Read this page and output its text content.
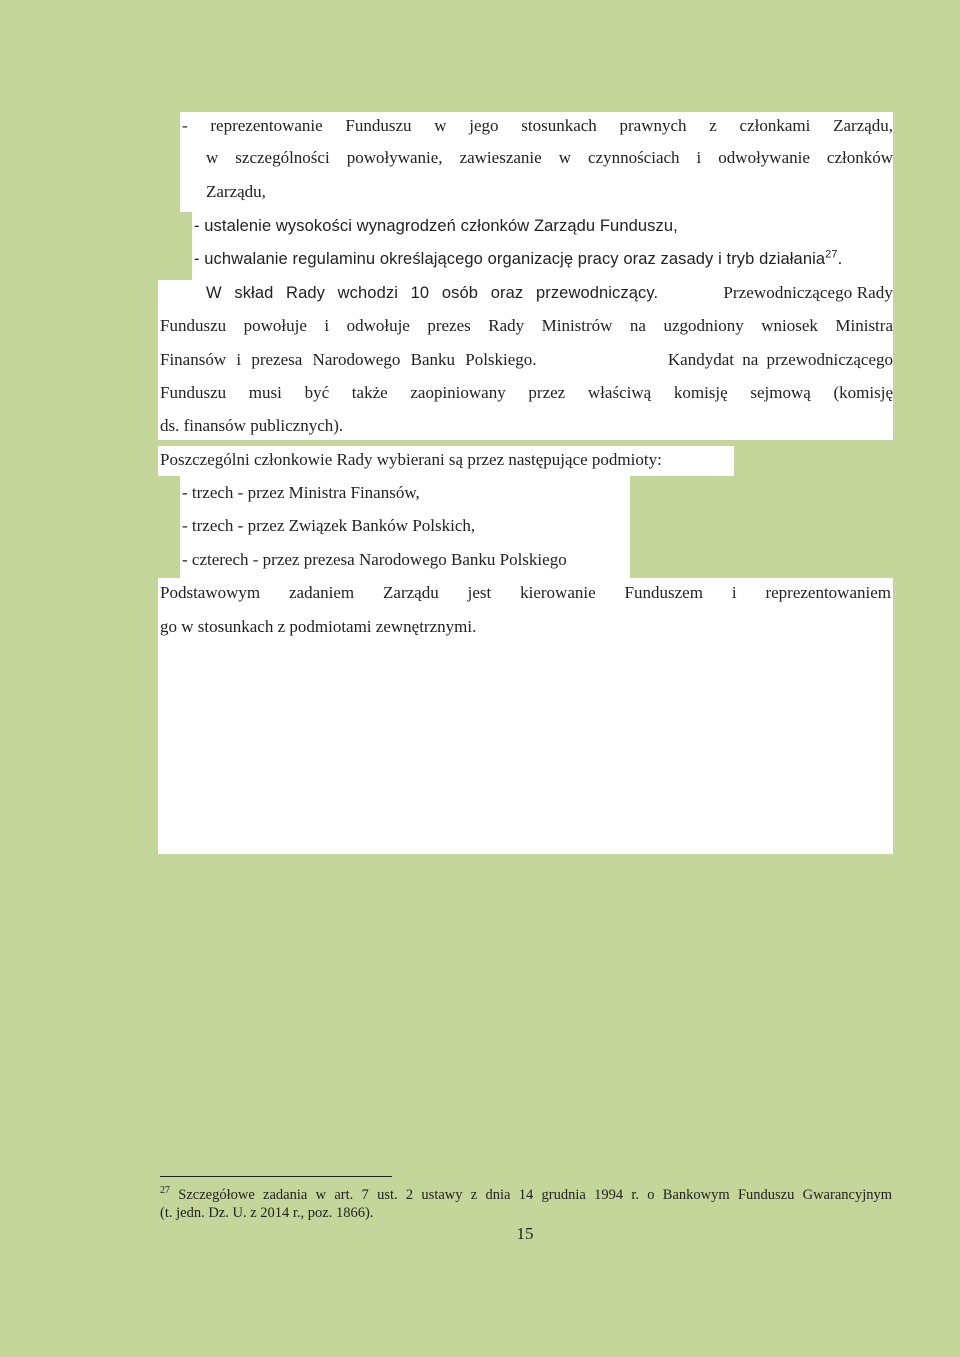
- reprezentowanie Funduszu w jego stosunkach prawnych z członkami Zarządu,
w szczególności powoływanie, zawieszanie w czynnościach i odwoływanie członków
Zarządu,
- ustalenie wysokości wynagrodzeń członków Zarządu Funduszu,
- uchwalanie regulaminu określającego organizację pracy oraz zasady i tryb działania$^{27}$.
W skład Rady wchodzi 10 osób oraz przewodniczący.	Przewodniczącego Rady
Funduszu powołuje i odwołuje prezes Rady Ministrów na uzgodniony wniosek Ministra
Finansów i prezesa Narodowego Banku Polskiego.	Kandydat na przewodniczącego
Funduszu musi być także zaopiniowany przez właściwą komisję sejmową (komisję
ds. finansów publicznych).
Poszczególni członkowie Rady wybierani są przez następujące podmioty:
- trzech - przez Ministra Finansów,
- trzech - przez Związek Banków Polskich,
- czterech - przez prezesa Narodowego Banku Polskiego
Podstawowym zadaniem Zarządu jest kierowanie Funduszem i reprezentowaniem
go w stosunkach z podmiotami zewnętrznymi.
$^{27}$ Szczegółowe zadania w art. 7 ust. 2 ustawy z dnia 14 grudnia 1994 r. o Bankowym Funduszu Gwarancyjnym
(t. jedn. Dz. U. z 2014 r., poz. 1866).
15
